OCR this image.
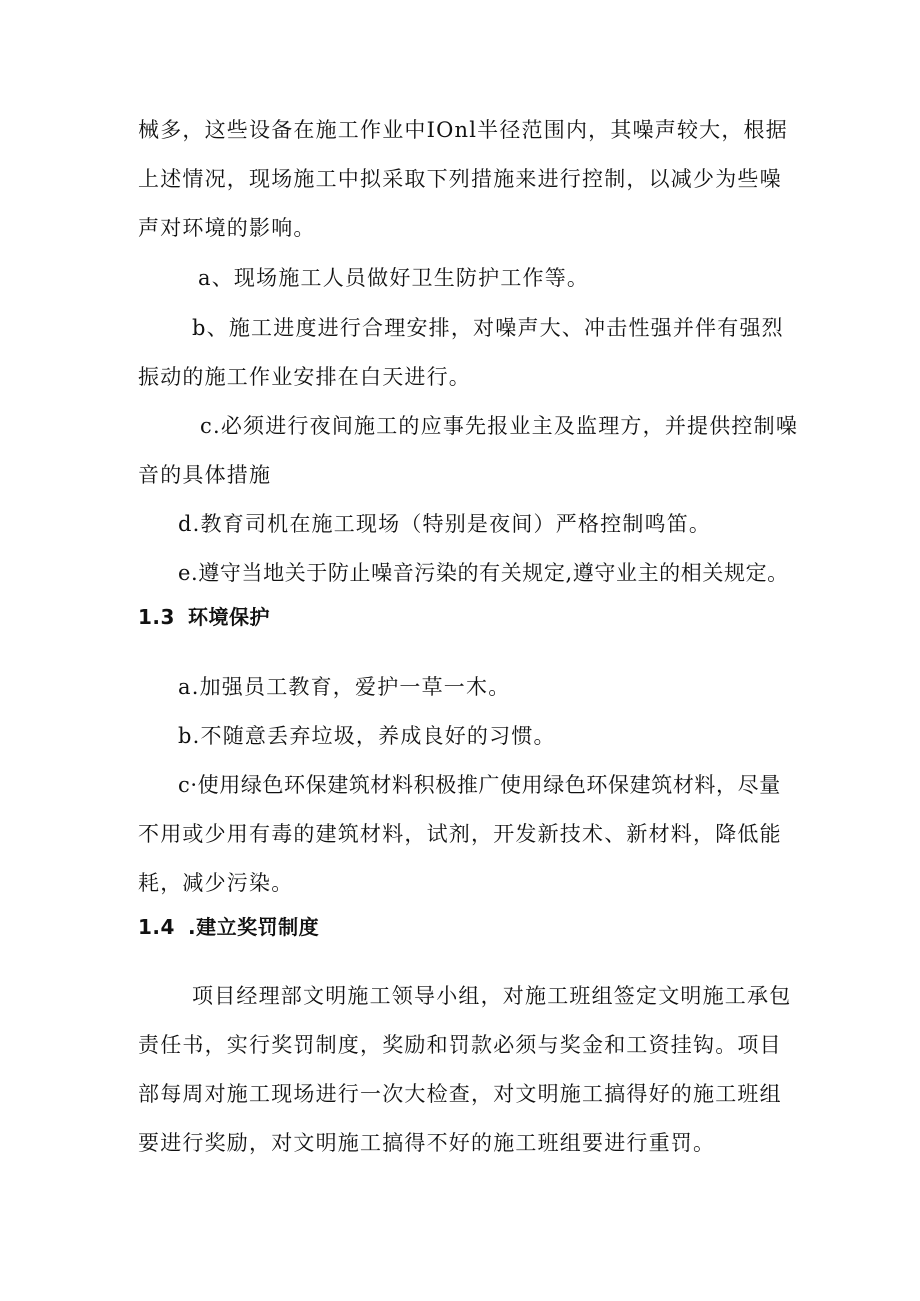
械多，这些设备在施工作业中IOnl半径范围内，其噪声较大，根据
上述情况，现场施工中拟采取下列措施来进行控制，以减少为些噪
声对环境的影响。
a、现场施工人员做好卫生防护工作等。
b、施工进度进行合理安排，对噪声大、冲击性强并伴有强烈
振动的施工作业安排在白天进行。
c.必须进行夜间施工的应事先报业主及监理方，并提供控制噪
音的具体措施
d.教育司机在施工现场（特别是夜间）严格控制鸣笛。
e.遵守当地关于防止噪音污染的有关规定,遵守业主的相关规定。
1.3 环境保护
a.加强员工教育，爱护一草一木。
b.不随意丢弃垃圾，养成良好的习惯。
c·使用绿色环保建筑材料积极推广使用绿色环保建筑材料，尽量
不用或少用有毒的建筑材料，试剂，开发新技术、新材料，降低能
耗，减少污染。
1.4 .建立奖罚制度
项目经理部文明施工领导小组，对施工班组签定文明施工承包
责任书，实行奖罚制度，奖励和罚款必须与奖金和工资挂钩。项目
部每周对施工现场进行一次大检查，对文明施工搞得好的施工班组
要进行奖励，对文明施工搞得不好的施工班组要进行重罚。
